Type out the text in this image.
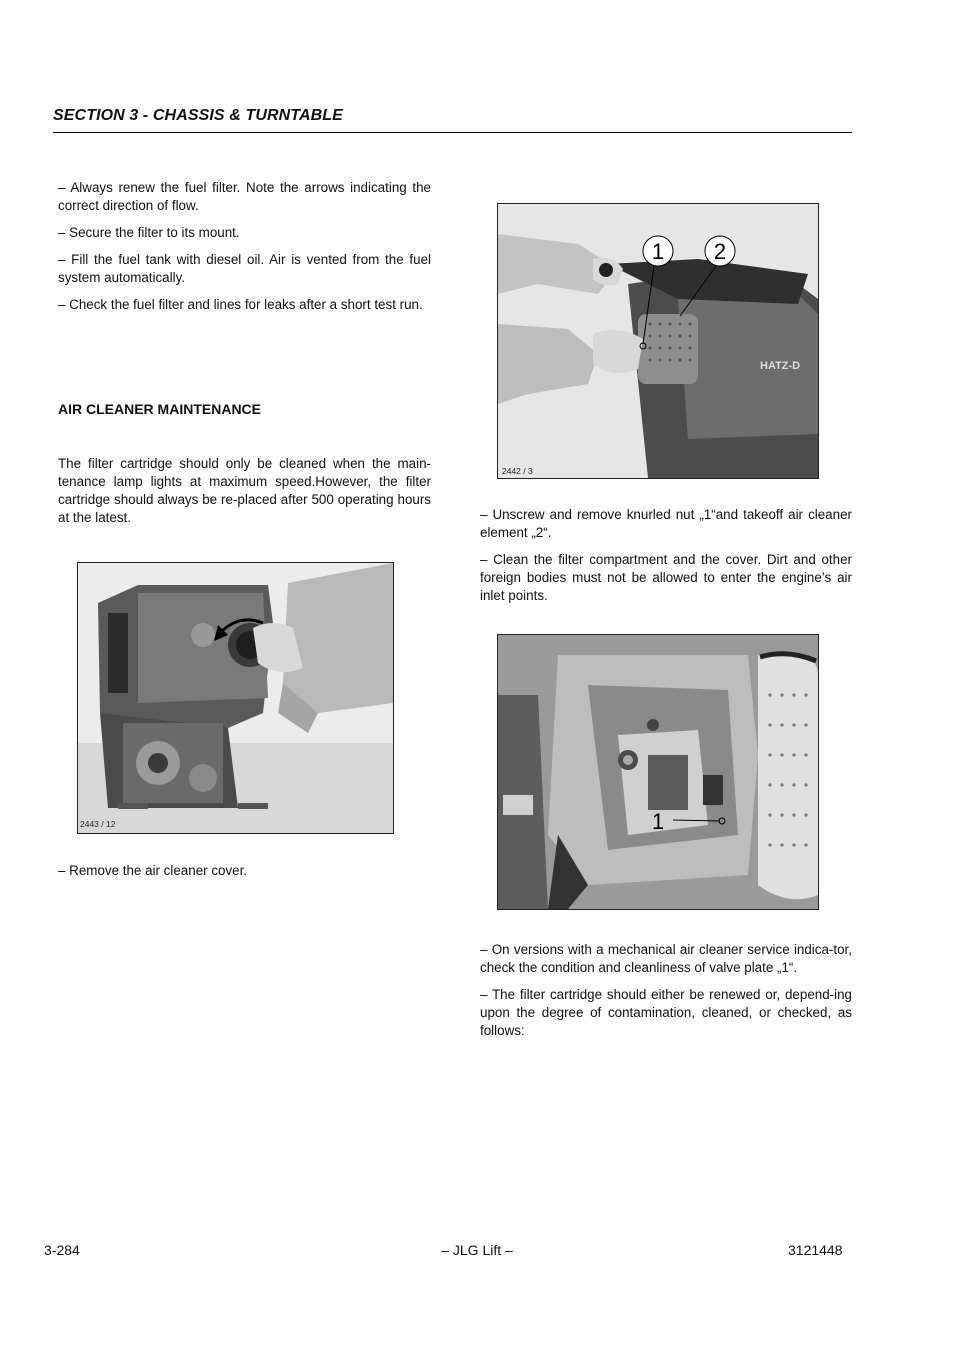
SECTION 3 - CHASSIS & TURNTABLE

– Always renew the fuel filter. Note the arrows indicating the correct direction of flow.

– Secure the filter to its mount.

– Fill the fuel tank with diesel oil. Air is vented from the fuel system automatically.

– Check the fuel filter and lines for leaks after a short test run.

AIR CLEANER MAINTENANCE

The filter cartridge should only be cleaned when the main-tenance lamp lights at maximum speed.However, the filter cartridge should always be re-placed after 500 operating hours at the latest.

2443 / 12

– Remove the air cleaner cover.

HATZ-D
1 2
2442 / 3

– Unscrew and remove knurled nut „1“and takeoff air cleaner element „2“.

– Clean the filter compartment and the cover. Dirt and other foreign bodies must not be allowed to enter the engine’s air inlet points.

1

– On versions with a mechanical air cleaner service indica-tor, check the condition and cleanliness of valve plate „1“.

– The filter cartridge should either be renewed or, depend-ing upon the degree of contamination, cleaned, or checked, as follows:

3-284	– JLG Lift –	3121448
